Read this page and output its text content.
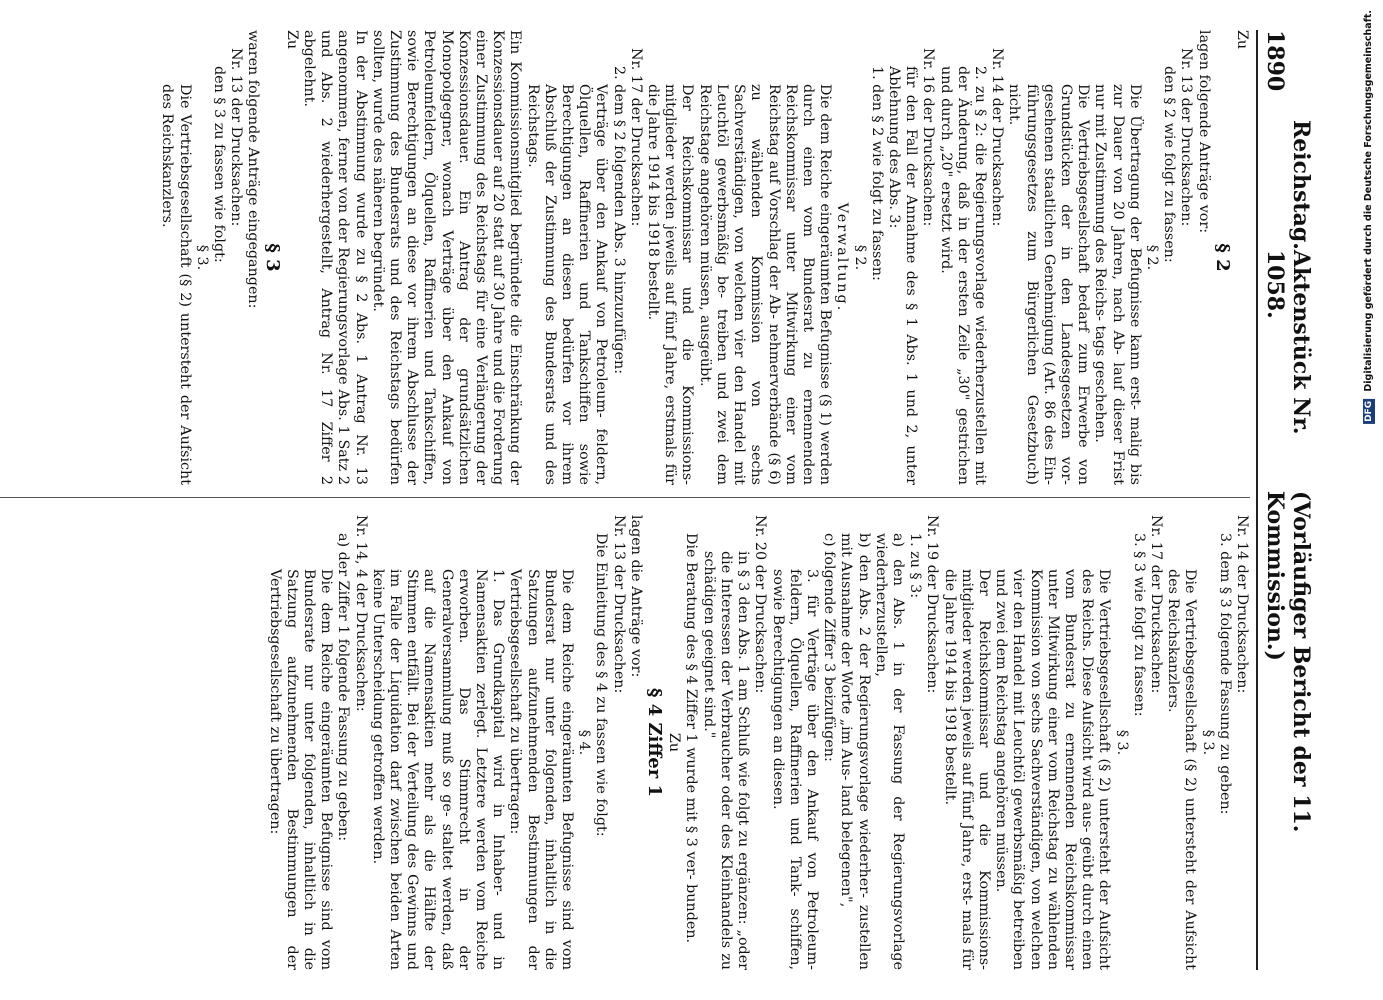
1890
Reichstag.
Aktenstück Nr. 1058.
(Vorläufiger Bericht der 11. Kommission.)

Zu

§ 2

lagen folgende Anträge vor:

Nr. 13 der Drucksachen:

den § 2 wie folgt zu fassen:

§ 2.

Die Übertragung der Befugnisse kann erst- malig bis zur Dauer von 20 Jahren, nach Ab- lauf dieser Frist nur mit Zustimmung des Reichs- tags geschehen.

Die Vertriebsgesellschaft bedarf zum Erwerbe von Grundstücken der in den Landesgesetzen vor- gesehenen staatlichen Genehmigung (Art. 86 des Ein- führungsgesetzes zum Bürgerlichen Gesetzbuch) nicht.

Nr. 14 der Drucksachen:

2. zu § 2: die Regierungsvorlage wiederherzustellen mit der Änderung, daß in der ersten Zeile „30" gestrichen und durch „20" ersetzt wird.

Nr. 16 der Drucksachen:

für den Fall der Annahme des § 1 Abs. 1 und 2, unter Ablehnung des Abs. 3:

1. den § 2 wie folgt zu fassen:

§ 2.

Verwaltung.

Die dem Reiche eingeräumten Befugnisse (§ 1) werden durch einen vom Bundesrat zu ernennenden Reichskommissar unter Mitwirkung einer vom Reichstag auf Vorschlag der Ab- nehmerverbände (§ 6) zu wählenden Kommission von sechs Sachverständigen, von welchen vier den Handel mit Leuchtöl gewerbsmäßig be- treiben und zwei dem Reichstage angehören müssen, ausgeübt.

Der Reichskommissar und die Kommissions- mitglieder werden jeweils auf fünf Jahre, erstmals für die Jahre 1914 bis 1918 bestellt.

Nr. 17 der Drucksachen:

2. dem § 2 folgenden Abs. 3 hinzuzufügen:

Verträge über den Ankauf von Petroleum- feldern, Ölquellen, Raffinerien und Tankschiffen sowie Berechtigungen an diesen bedürfen vor ihrem Abschluß der Zustimmung des Bundesrats und des Reichstags.

Ein Kommissionsmitglied begründete die Einschränkung der Konzessionsdauer auf 20 statt auf 30 Jahre und die Forderung einer Zustimmung des Reichstags für eine Verlängerung der Konzessionsdauer. Ein Antrag der grundsätzlichen Monopolgegner, wonach Verträge über den Ankauf von Petroleumfeldern, Ölquellen, Raffinerien und Tankschiffen, sowie Berechtigungen an diese vor ihrem Abschlusse der Zustimmung des Bundesrats und des Reichstags bedürfen sollten, wurde des näheren begründet.

In der Abstimmung wurde zu § 2 Abs. 1 Antrag Nr. 13 angenommen, ferner von der Regierungsvorlage Abs. 1 Satz 2 und Abs. 2 wiederhergestellt, Antrag Nr. 17 Ziffer 2 abgelehnt.

Zu

§ 3

waren folgende Anträge eingegangen:

Nr. 13 der Drucksachen:

den § 3 zu fassen wie folgt:

§ 3.

Die Vertriebsgesellschaft (§ 2) untersteht der Aufsicht des Reichskanzlers.

Nr. 14 der Drucksachen:

3. dem § 3 folgende Fassung zu geben:

§ 3.

Die Vertriebsgesellschaft (§ 2) untersteht der Aufsicht des Reichskanzlers.

Nr. 17 der Drucksachen:

3. § 3 wie folgt zu fassen:

§ 3.

Die Vertriebsgesellschaft (§ 2) untersteht der Aufsicht des Reichs. Diese Aufsicht wird aus- geübt durch einen vom Bundesrat zu ernennenden Reichskommissar unter Mitwirkung einer vom Reichstag zu wählenden Kommission von sechs Sachverständigen, von welchen vier den Handel mit Leuchtöl gewerbsmäßig betreiben und zwei dem Reichstag angehören müssen.

Der Reichskommissar und die Kommissions- mitglieder werden jeweils auf fünf Jahre, erst- mals für die Jahre 1914 bis 1918 bestellt.

Nr. 19 der Drucksachen:

1. zu § 3:

a) den Abs. 1 in der Fassung der Regierungsvorlage wiederherzustellen,

b) den Abs. 2 der Regierungsvorlage wiederher- zustellen mit Ausnahme der Worte „im Aus- land belegenen",

c) folgende Ziffer 3 beizufügen:

3. für Verträge über den Ankauf von Petroleum- feldern, Ölquellen, Raffinerien und Tank- schiffen, sowie Berechtigungen an diesen.

Nr. 20 der Drucksachen:

in § 3 den Abs. 1 am Schluß wie folgt zu ergänzen: „oder die Interessen der Verbraucher oder des Kleinhandels zu schädigen geeignet sind."

Die Beratung des § 4 Ziffer 1 wurde mit § 3 ver- bunden.

Zu

§ 4 Ziffer 1

lagen die Anträge vor:

Nr. 13 der Drucksachen:

Die Einleitung des § 4 zu fassen wie folgt:

§ 4.

Die dem Reiche eingeräumten Befugnisse sind vom Bundesrat nur unter folgenden, inhaltlich in die Satzungen aufzunehmenden Bestimmungen der Vertriebsgesellschaft zu übertragen:

1. Das Grundkapital wird in Inhaber- und in Namensaktien zerlegt. Letztere werden vom Reiche erworben. Das Stimmrecht in der Generalversammlung muß so ge- staltet werden, daß auf die Namensaktien mehr als die Hälfte der Stimmen entfällt. Bei der Verteilung des Gewinns und im Falle der Liquidation darf zwischen beiden Arten keine Unterscheidung getroffen werden.

Nr. 14, 4 der Drucksachen:

a) der Ziffer 1 folgende Fassung zu geben:

Die dem Reiche eingeräumten Befugnisse sind vom Bundesrate nur unter folgenden, inhaltlich in die Satzung aufzunehmenden Bestimmungen der Vertriebsgesellschaft zu übertragen:

DFG Digitalisierung gefördert durch die Deutsche Forschungsgemeinschaft.
